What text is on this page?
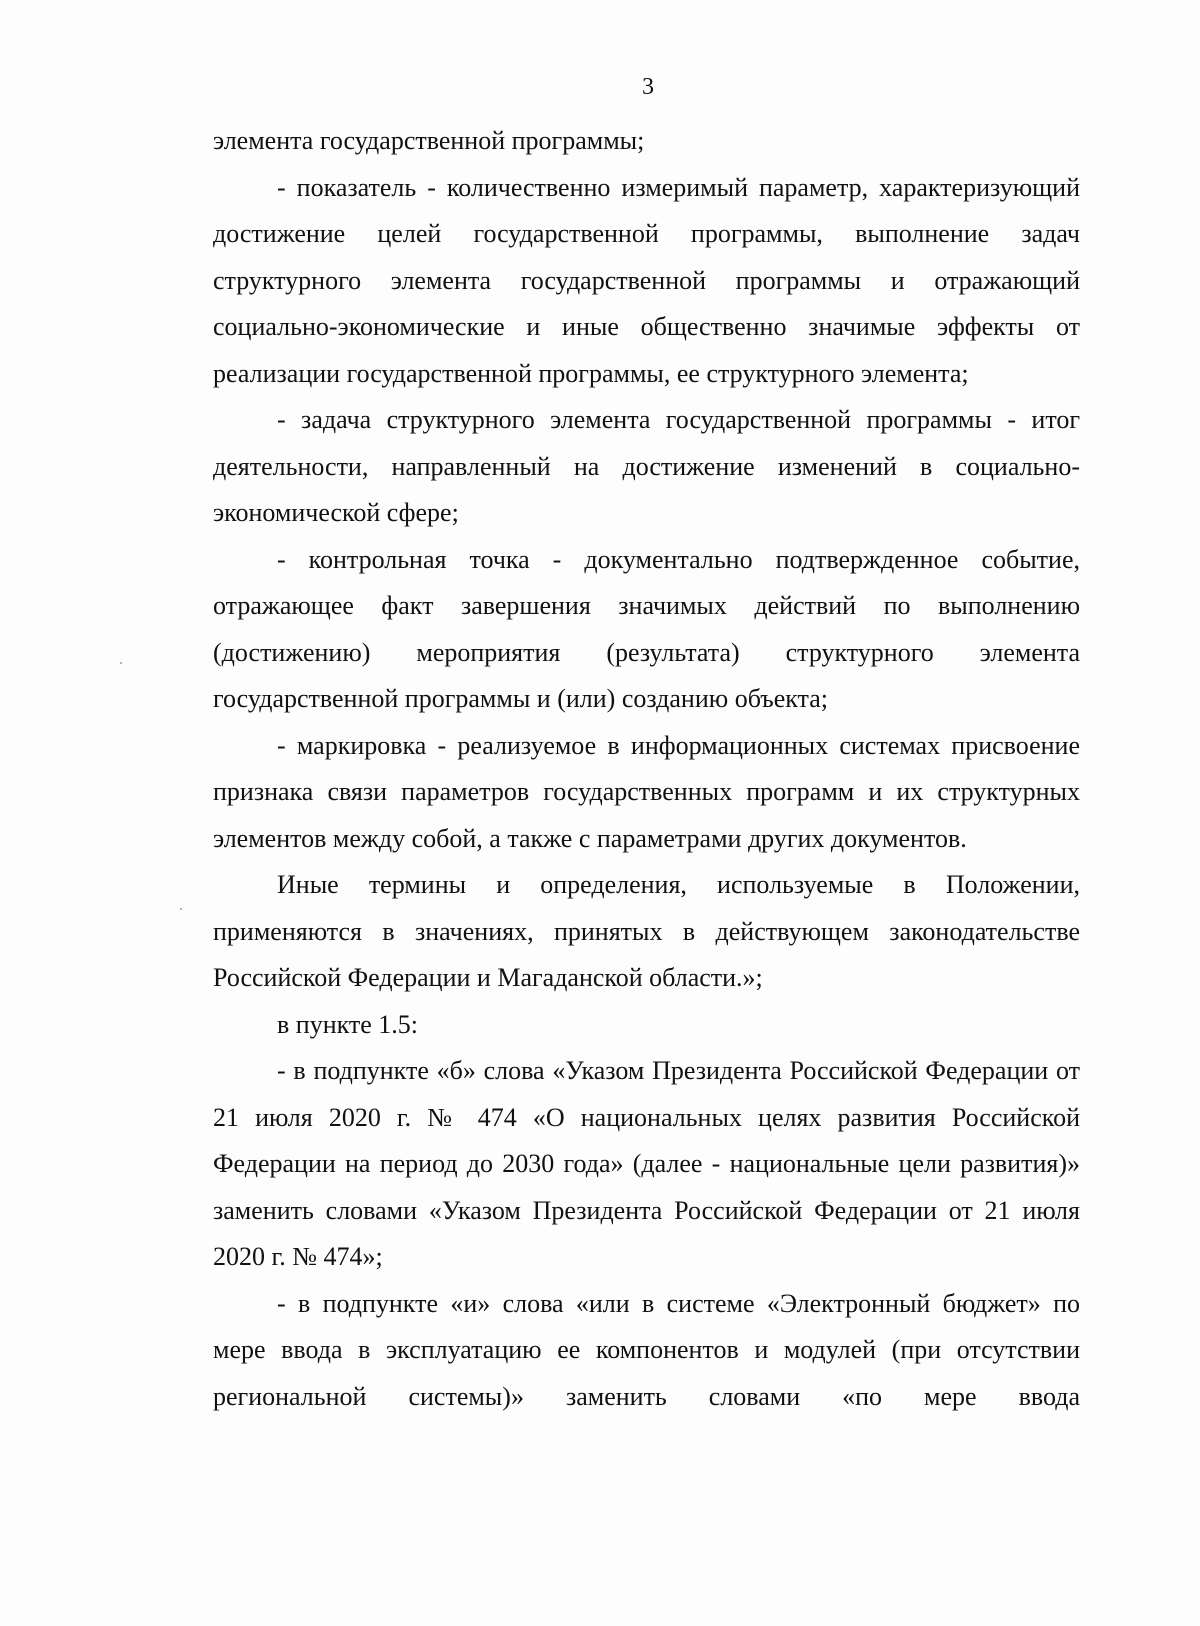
3

элемента государственной программы;

- показатель - количественно измеримый параметр, характеризующий достижение целей государственной программы, выполнение задач структурного элемента государственной программы и отражающий социально-экономические и иные общественно значимые эффекты от реализации государственной программы, ее структурного элемента;

- задача структурного элемента государственной программы - итог деятельности, направленный на достижение изменений в социально-экономической сфере;

- контрольная точка - документально подтвержденное событие, отражающее факт завершения значимых действий по выполнению (достижению) мероприятия (результата) структурного элемента государственной программы и (или) созданию объекта;

- маркировка - реализуемое в информационных системах присвоение признака связи параметров государственных программ и их структурных элементов между собой, а также с параметрами других документов.

Иные термины и определения, используемые в Положении, применяются в значениях, принятых в действующем законодательстве Российской Федерации и Магаданской области.»;

в пункте 1.5:

- в подпункте «б» слова «Указом Президента Российской Федерации от 21 июля 2020 г. № 474 «О национальных целях развития Российской Федерации на период до 2030 года» (далее - национальные цели развития)» заменить словами «Указом Президента Российской Федерации от 21 июля 2020 г. № 474»;

- в подпункте «и» слова «или в системе «Электронный бюджет» по мере ввода в эксплуатацию ее компонентов и модулей (при отсутствии региональной системы)» заменить словами «по мере ввода
